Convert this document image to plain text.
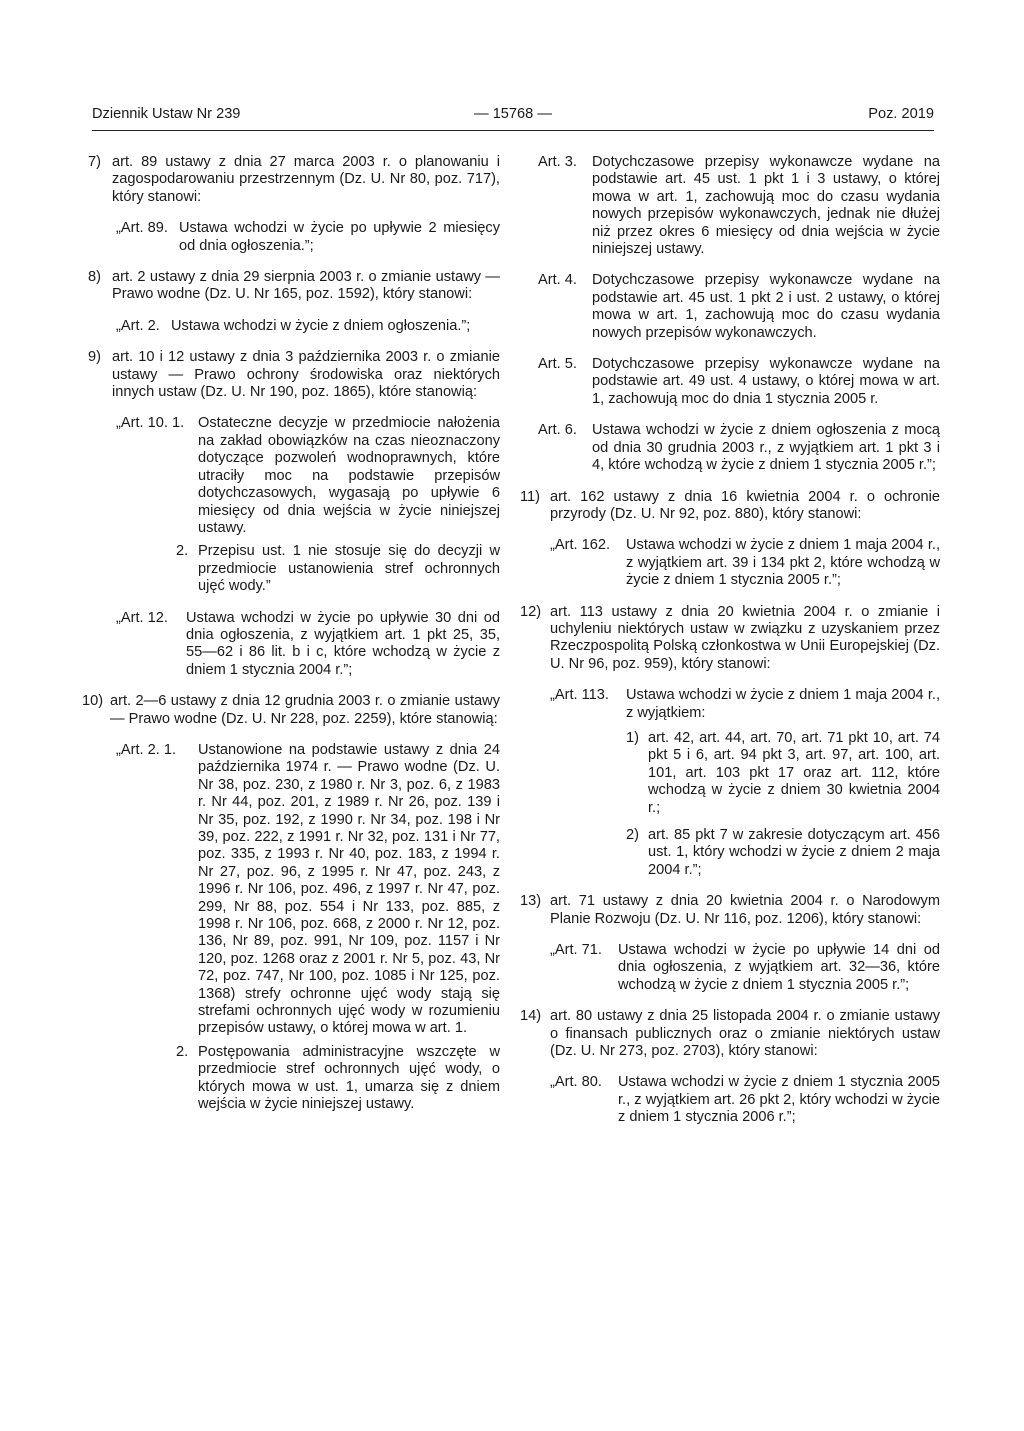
Dziennik Ustaw Nr 239	— 15768 —	Poz. 2019
7) art. 89 ustawy z dnia 27 marca 2003 r. o planowaniu i zagospodarowaniu przestrzennym (Dz. U. Nr 80, poz. 717), który stanowi:
„Art. 89. Ustawa wchodzi w życie po upływie 2 miesięcy od dnia ogłoszenia.”;
8) art. 2 ustawy z dnia 29 sierpnia 2003 r. o zmianie ustawy — Prawo wodne (Dz. U. Nr 165, poz. 1592), który stanowi:
„Art. 2. Ustawa wchodzi w życie z dniem ogłoszenia.”;
9) art. 10 i 12 ustawy z dnia 3 października 2003 r. o zmianie ustawy — Prawo ochrony środowiska oraz niektórych innych ustaw (Dz. U. Nr 190, poz. 1865), które stanowią:
„Art. 10. 1. Ostateczne decyzje w przedmiocie nałożenia na zakład obowiązków na czas nieoznaczony dotyczące pozwoleń wodnoprawnych, które utraciły moc na podstawie przepisów dotychczasowych, wygasają po upływie 6 miesięcy od dnia wejścia w życie niniejszej ustawy.
2. Przepisu ust. 1 nie stosuje się do decyzji w przedmiocie ustanowienia stref ochronnych ujęć wody.”
„Art. 12.	Ustawa wchodzi w życie po upływie 30 dni od dnia ogłoszenia, z wyjątkiem art. 1 pkt 25, 35, 55—62 i 86 lit. b i c, które wchodzą w życie z dniem 1 stycznia 2004 r.”;
10) art. 2—6 ustawy z dnia 12 grudnia 2003 r. o zmianie ustawy — Prawo wodne (Dz. U. Nr 228, poz. 2259), które stanowią:
„Art. 2. 1.	Ustanowione na podstawie ustawy z dnia 24 października 1974 r. — Prawo wodne (Dz. U. Nr 38, poz. 230, z 1980 r. Nr 3, poz. 6, z 1983 r. Nr 44, poz. 201, z 1989 r. Nr 26, poz. 139 i Nr 35, poz. 192, z 1990 r. Nr 34, poz. 198 i Nr 39, poz. 222, z 1991 r. Nr 32, poz. 131 i Nr 77, poz. 335, z 1993 r. Nr 40, poz. 183, z 1994 r. Nr 27, poz. 96, z 1995 r. Nr 47, poz. 243, z 1996 r. Nr 106, poz. 496, z 1997 r. Nr 47, poz. 299, Nr 88, poz. 554 i Nr 133, poz. 885, z 1998 r. Nr 106, poz. 668, z 2000 r. Nr 12, poz. 136, Nr 89, poz. 991, Nr 109, poz. 1157 i Nr 120, poz. 1268 oraz z 2001 r. Nr 5, poz. 43, Nr 72, poz. 747, Nr 100, poz. 1085 i Nr 125, poz. 1368) strefy ochronne ujęć wody stają się strefami ochronnych ujęć wody w rozumieniu przepisów ustawy, o której mowa w art. 1.
2. Postępowania administracyjne wszczęte w przedmiocie stref ochronnych ujęć wody, o których mowa w ust. 1, umarza się z dniem wejścia w życie niniejszej ustawy.
Art. 3.	Dotychczasowe przepisy wykonawcze wydane na podstawie art. 45 ust. 1 pkt 1 i 3 ustawy, o której mowa w art. 1, zachowują moc do czasu wydania nowych przepisów wykonawczych, jednak nie dłużej niż przez okres 6 miesięcy od dnia wejścia w życie niniejszej ustawy.
Art. 4.	Dotychczasowe przepisy wykonawcze wydane na podstawie art. 45 ust. 1 pkt 2 i ust. 2 ustawy, o której mowa w art. 1, zachowują moc do czasu wydania nowych przepisów wykonawczych.
Art. 5.	Dotychczasowe przepisy wykonawcze wydane na podstawie art. 49 ust. 4 ustawy, o której mowa w art. 1, zachowują moc do dnia 1 stycznia 2005 r.
Art. 6.	Ustawa wchodzi w życie z dniem ogłoszenia z mocą od dnia 30 grudnia 2003 r., z wyjątkiem art. 1 pkt 3 i 4, które wchodzą w życie z dniem 1 stycznia 2005 r.”;
11) art. 162 ustawy z dnia 16 kwietnia 2004 r. o ochronie przyrody (Dz. U. Nr 92, poz. 880), który stanowi:
„Art. 162.	Ustawa wchodzi w życie z dniem 1 maja 2004 r., z wyjątkiem art. 39 i 134 pkt 2, które wchodzą w życie z dniem 1 stycznia 2005 r.”;
12) art. 113 ustawy z dnia 20 kwietnia 2004 r. o zmianie i uchyleniu niektórych ustaw w związku z uzyskaniem przez Rzeczpospolitą Polską członkostwa w Unii Europejskiej (Dz. U. Nr 96, poz. 959), który stanowi:
„Art. 113.	Ustawa wchodzi w życie z dniem 1 maja 2004 r., z wyjątkiem:
1) art. 42, art. 44, art. 70, art. 71 pkt 10, art. 74 pkt 5 i 6, art. 94 pkt 3, art. 97, art. 100, art. 101, art. 103 pkt 17 oraz art. 112, które wchodzą w życie z dniem 30 kwietnia 2004 r.;
2) art. 85 pkt 7 w zakresie dotyczącym art. 456 ust. 1, który wchodzi w życie z dniem 2 maja 2004 r.”;
13) art. 71 ustawy z dnia 20 kwietnia 2004 r. o Narodowym Planie Rozwoju (Dz. U. Nr 116, poz. 1206), który stanowi:
„Art. 71.	Ustawa wchodzi w życie po upływie 14 dni od dnia ogłoszenia, z wyjątkiem art. 32—36, które wchodzą w życie z dniem 1 stycznia 2005 r.”;
14) art. 80 ustawy z dnia 25 listopada 2004 r. o zmianie ustawy o finansach publicznych oraz o zmianie niektórych ustaw (Dz. U. Nr 273, poz. 2703), który stanowi:
„Art. 80.	Ustawa wchodzi w życie z dniem 1 stycznia 2005 r., z wyjątkiem art. 26 pkt 2, który wchodzi w życie z dniem 1 stycznia 2006 r.”;
